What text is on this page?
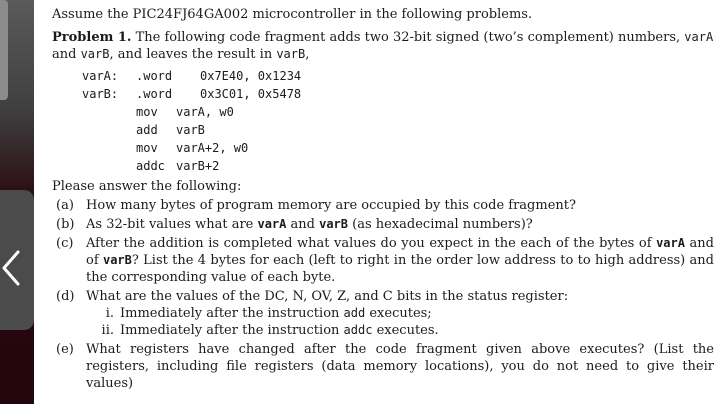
Assume the PIC24FJ64GA002 microcontroller in the following problems.

Problem 1. The following code fragment adds two 32-bit signed (two’s complement) numbers, varA and varB, and leaves the result in varB,

varA:	.word	0x7E40, 0x1234
varB:	.word	0x3C01, 0x5478
mov	varA, w0
add	varB
mov	varA+2, w0
addc varB+2

Please answer the following:

(a) How many bytes of program memory are occupied by this code fragment?
(b) As 32-bit values what are varA and varB (as hexadecimal numbers)?
(c) After the addition is completed what values do you expect in the each of the bytes of varA and of varB? List the 4 bytes for each (left to right in the order low address to to high address) and the corresponding value of each byte.
(d) What are the values of the DC, N, OV, Z, and C bits in the status register:
i. Immediately after the instruction add executes;
ii. Immediately after the instruction addc executes.
(e) What registers have changed after the code fragment given above executes? (List the registers, including file registers (data memory locations), you do not need to give their values)
